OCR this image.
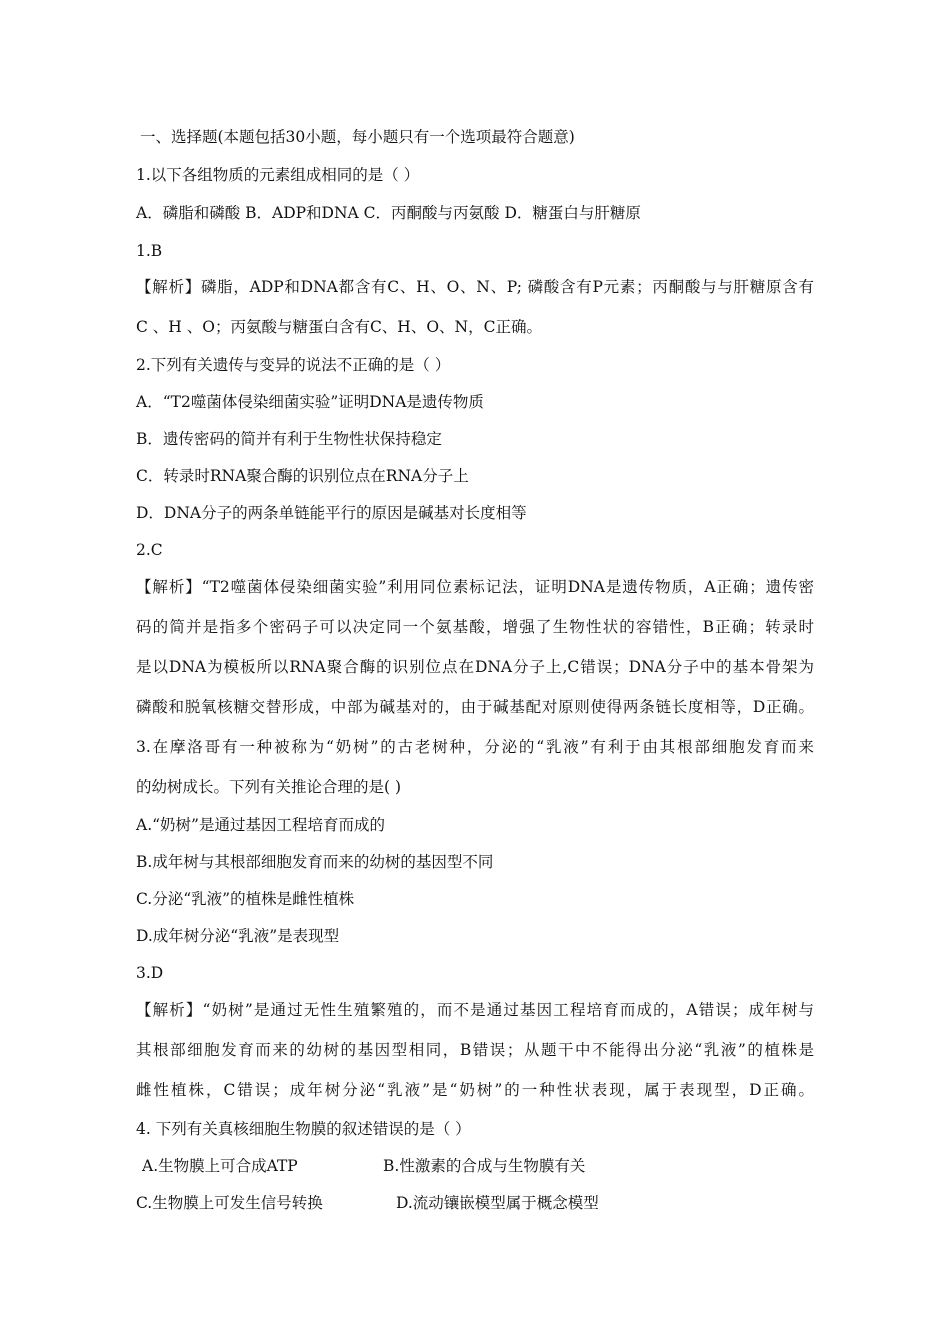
一、选择题(本题包括30小题，每小题只有一个选项最符合题意)
1.以下各组物质的元素组成相同的是（ ）
A．磷脂和磷酸 B．ADP和DNA C．丙酮酸与丙氨酸 D．糖蛋白与肝糖原
1.B
【解析】磷脂，ADP和DNA都含有C、H、O、N、P; 磷酸含有P元素；丙酮酸与与肝糖原含有
C 、H 、O；丙氨酸与糖蛋白含有C、H、O、N，C正确。
2.下列有关遗传与变异的说法不正确的是（ ）
A．“T2噬菌体侵染细菌实验”证明DNA是遗传物质
B．遗传密码的简并有利于生物性状保持稳定
C．转录时RNA聚合酶的识别位点在RNA分子上
D．DNA分子的两条单链能平行的原因是碱基对长度相等
2.C
【解析】“T2噬菌体侵染细菌实验”利用同位素标记法，证明DNA是遗传物质，A正确；遗传密
码的简并是指多个密码子可以决定同一个氨基酸，增强了生物性状的容错性，B正确；转录时
是以DNA为模板所以RNA聚合酶的识别位点在DNA分子上,C错误；DNA分子中的基本骨架为
磷酸和脱氧核糖交替形成，中部为碱基对的，由于碱基配对原则使得两条链长度相等，D正确。
3.在摩洛哥有一种被称为“奶树”的古老树种，分泌的“乳液”有利于由其根部细胞发育而来
的幼树成长。下列有关推论合理的是( )
A.“奶树”是通过基因工程培育而成的
B.成年树与其根部细胞发育而来的幼树的基因型不同
C.分泌“乳液”的植株是雌性植株
D.成年树分泌“乳液”是表现型
3.D
【解析】“奶树”是通过无性生殖繁殖的，而不是通过基因工程培育而成的，A错误；成年树与
其根部细胞发育而来的幼树的基因型相同，B错误；从题干中不能得出分泌“乳液”的植株是
雌性植株，C错误；成年树分泌“乳液”是“奶树”的一种性状表现，属于表现型，D正确。
4. 下列有关真核细胞生物膜的叙述错误的是（ ）
A.生物膜上可合成ATP	B.性激素的合成与生物膜有关
C.生物膜上可发生信号转换	D.流动镶嵌模型属于概念模型
